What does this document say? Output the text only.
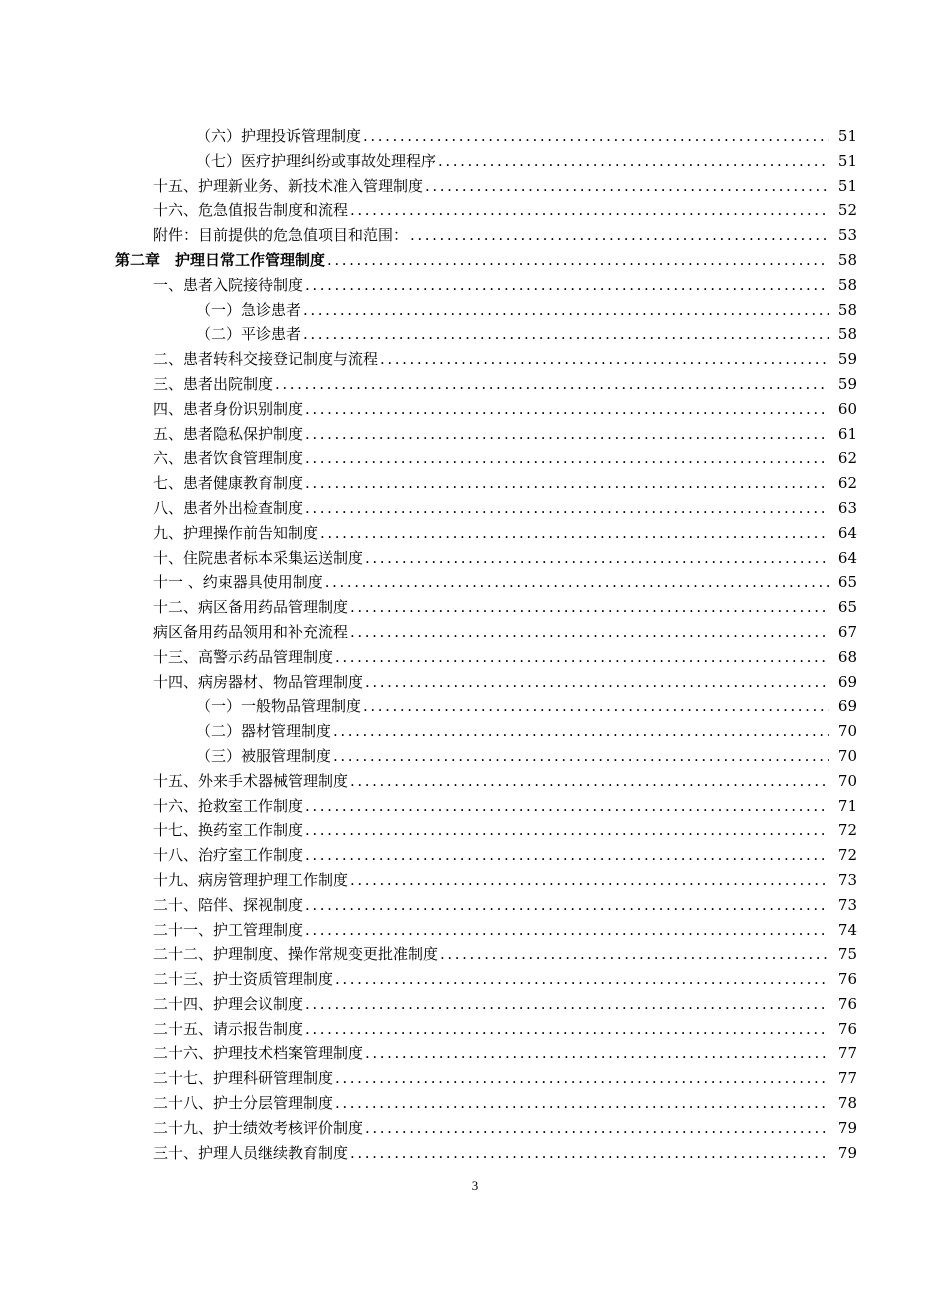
（六）护理投诉管理制度 .....	51
（七）医疗护理纠纷或事故处理程序 .....	51
十五、护理新业务、新技术准入管理制度 .....	51
十六、危急值报告制度和流程 .....	52
附件：目前提供的危急值项目和范围： .....	53
第二章　护理日常工作管理制度 .....	58
一、患者入院接待制度 .....	58
（一）急诊患者 .....	58
（二）平诊患者 .....	58
二、患者转科交接登记制度与流程 .....	59
三、患者出院制度 .....	59
四、患者身份识别制度 .....	60
五、患者隐私保护制度 .....	61
六、患者饮食管理制度 .....	62
七、患者健康教育制度 .....	62
八、患者外出检查制度 .....	63
九、护理操作前告知制度 .....	64
十、住院患者标本采集运送制度 .....	64
十一 、约束器具使用制度 .....	65
十二、病区备用药品管理制度 .....	65
病区备用药品领用和补充流程 .....	67
十三、高警示药品管理制度 .....	68
十四、病房器材、物品管理制度 .....	69
（一）一般物品管理制度 .....	69
（二）器材管理制度 .....	70
（三）被服管理制度 .....	70
十五、外来手术器械管理制度 .....	70
十六、抢救室工作制度 .....	71
十七、换药室工作制度 .....	72
十八、治疗室工作制度 .....	72
十九、病房管理护理工作制度 .....	73
二十、陪伴、探视制度 .....	73
二十一、护工管理制度 .....	74
二十二、护理制度、操作常规变更批准制度 .....	75
二十三、护士资质管理制度 .....	76
二十四、护理会议制度 .....	76
二十五、请示报告制度 .....	76
二十六、护理技术档案管理制度 .....	77
二十七、护理科研管理制度 .....	77
二十八、护士分层管理制度 .....	78
二十九、护士绩效考核评价制度 .....	79
三十、护理人员继续教育制度 .....	79
3
